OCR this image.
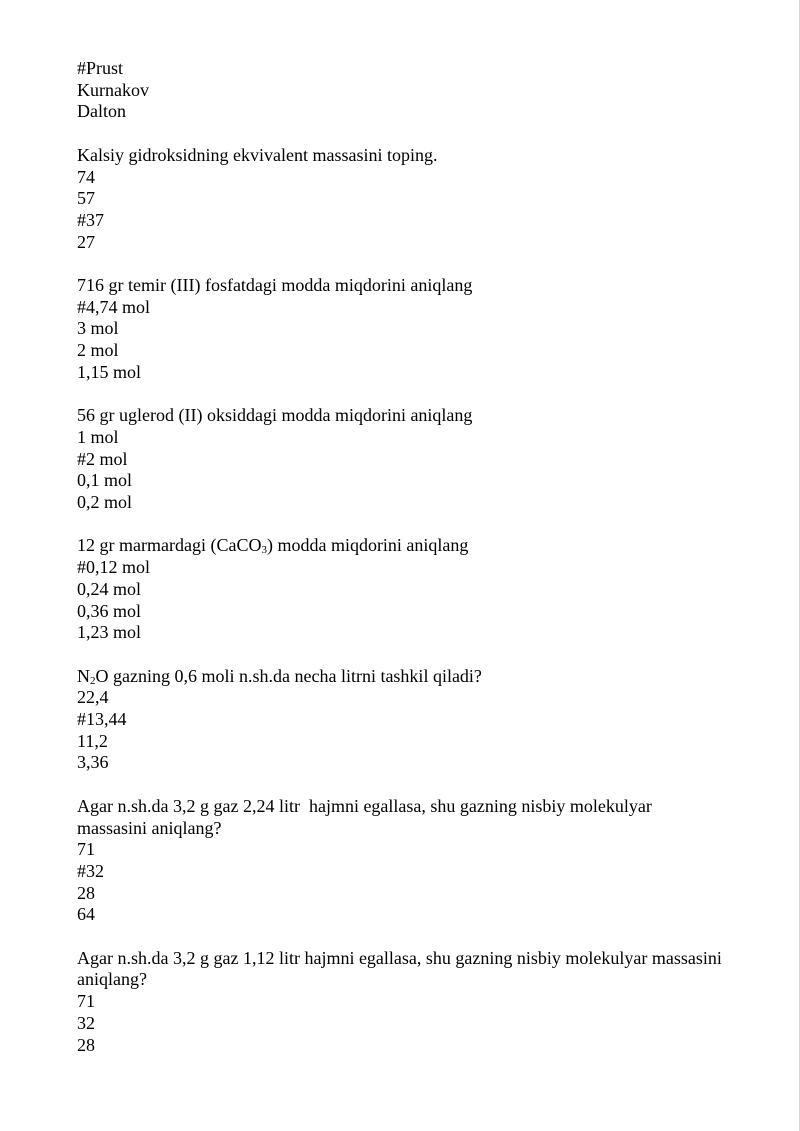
#Prust
Kurnakov
Dalton
Kalsiy gidroksidning ekvivalent massasini toping.
74
57
#37
27
716 gr temir (III) fosfatdagi modda miqdorini aniqlang
#4,74 mol
3 mol
2 mol
1,15 mol
56 gr uglerod (II) oksiddagi modda miqdorini aniqlang
1 mol
#2 mol
0,1 mol
0,2 mol
12 gr marmardagi (CaCO3) modda miqdorini aniqlang
#0,12 mol
0,24 mol
0,36 mol
1,23 mol
N2O gazning 0,6 moli n.sh.da necha litrni tashkil qiladi?
22,4
#13,44
11,2
3,36
Agar n.sh.da 3,2 g gaz 2,24 litr  hajmni egallasa, shu gazning nisbiy molekulyar
massasini aniqlang?
71
#32
28
64
Agar n.sh.da 3,2 g gaz 1,12 litr hajmni egallasa, shu gazning nisbiy molekulyar massasini
aniqlang?
71
32
28
